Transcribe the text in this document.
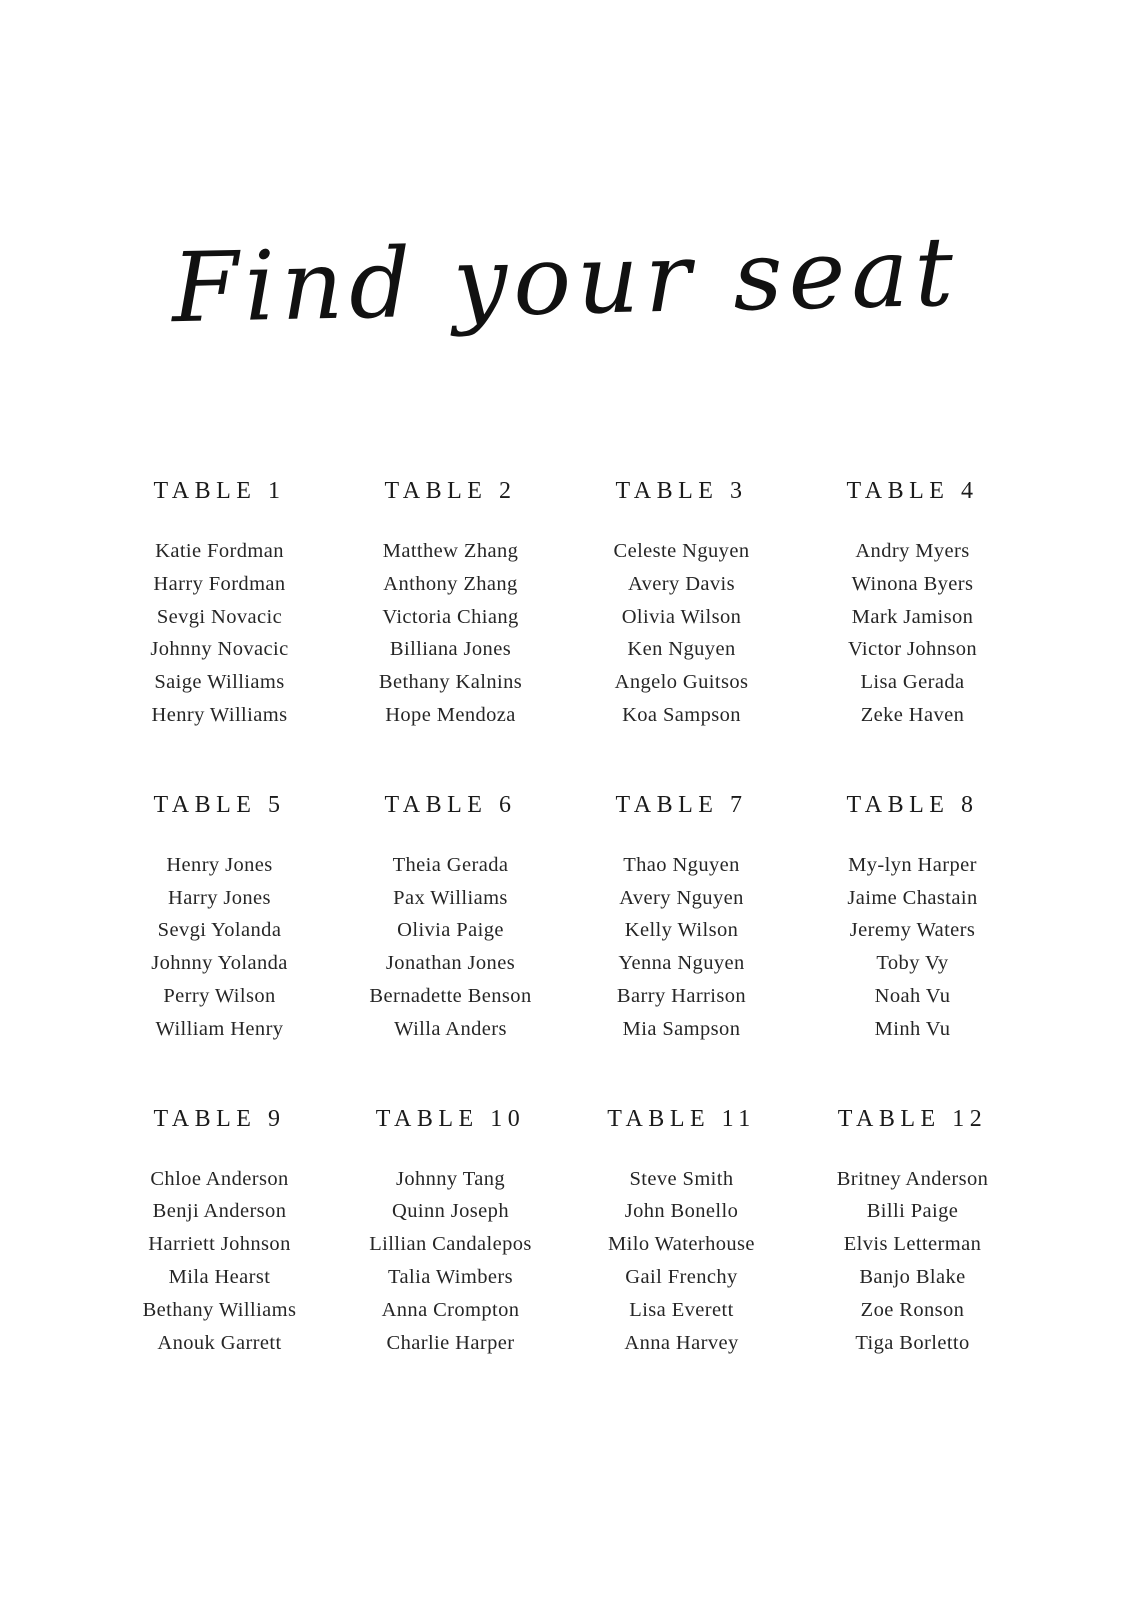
Find your seat
TABLE 1
Katie Fordman
Harry Fordman
Sevgi Novacic
Johnny Novacic
Saige Williams
Henry Williams
TABLE 2
Matthew Zhang
Anthony Zhang
Victoria Chiang
Billiana Jones
Bethany Kalnins
Hope Mendoza
TABLE 3
Celeste Nguyen
Avery Davis
Olivia Wilson
Ken Nguyen
Angelo Guitsos
Koa Sampson
TABLE 4
Andry Myers
Winona Byers
Mark Jamison
Victor Johnson
Lisa Gerada
Zeke Haven
TABLE 5
Henry Jones
Harry Jones
Sevgi Yolanda
Johnny Yolanda
Perry Wilson
William Henry
TABLE 6
Theia Gerada
Pax Williams
Olivia Paige
Jonathan Jones
Bernadette Benson
Willa Anders
TABLE 7
Thao Nguyen
Avery Nguyen
Kelly Wilson
Yenna Nguyen
Barry Harrison
Mia Sampson
TABLE 8
My-lyn Harper
Jaime Chastain
Jeremy Waters
Toby Vy
Noah Vu
Minh Vu
TABLE 9
Chloe Anderson
Benji Anderson
Harriett Johnson
Mila Hearst
Bethany Williams
Anouk Garrett
TABLE 10
Johnny Tang
Quinn Joseph
Lillian Candalepos
Talia Wimbers
Anna Crompton
Charlie Harper
TABLE 11
Steve Smith
John Bonello
Milo Waterhouse
Gail Frenchy
Lisa Everett
Anna Harvey
TABLE 12
Britney Anderson
Billi Paige
Elvis Letterman
Banjo Blake
Zoe Ronson
Tiga Borletto
